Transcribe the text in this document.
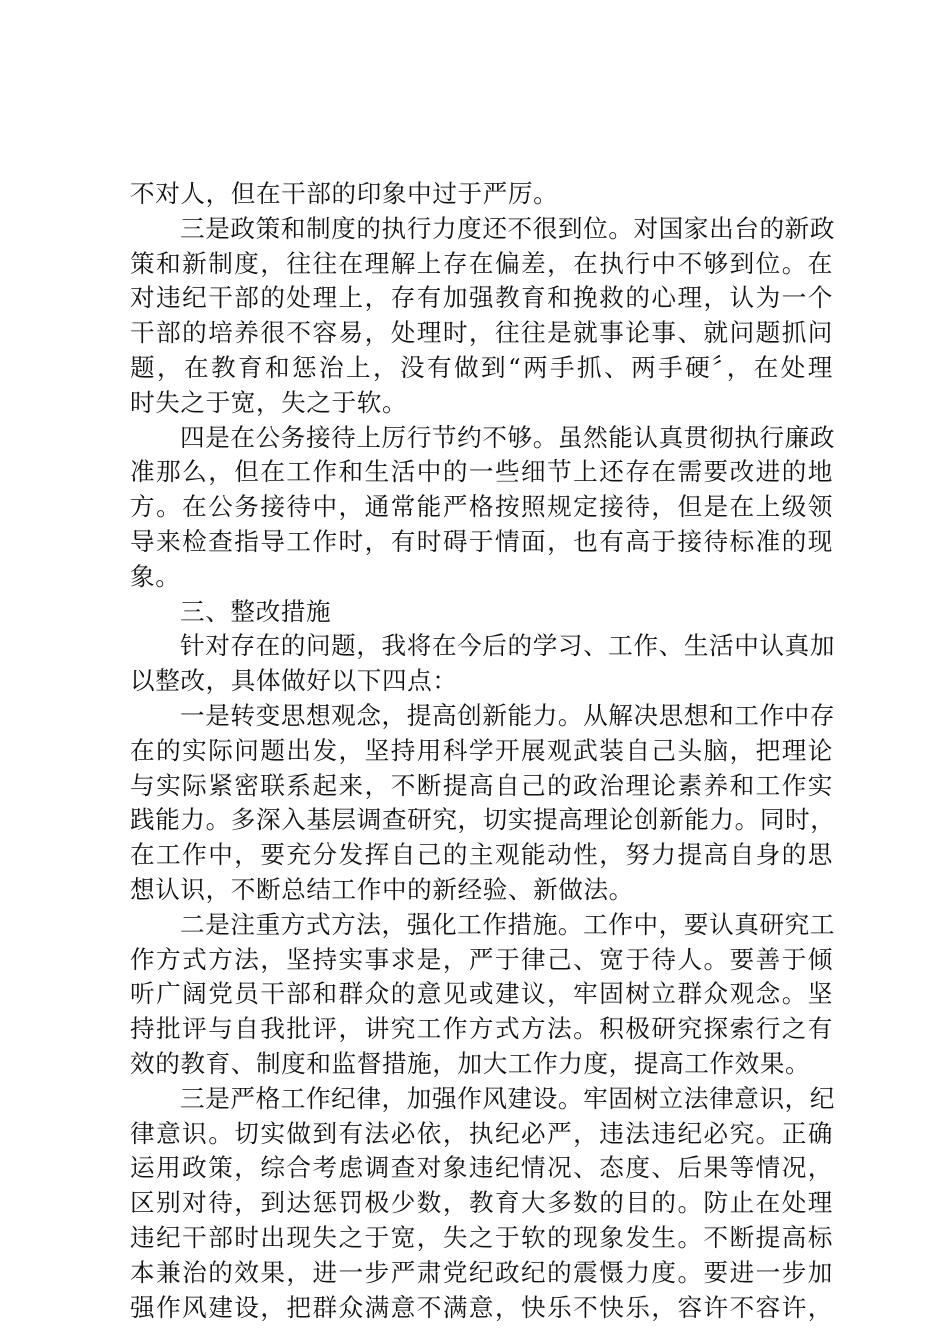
不对人，但在干部的印象中过于严厉。
三是政策和制度的执行力度还不很到位。对国家出台的新政
策和新制度，往往在理解上存在偏差，在执行中不够到位。在
对违纪干部的处理上，存有加强教育和挽救的心理，认为一个
干部的培养很不容易，处理时，往往是就事论事、就问题抓问
题，在教育和惩治上，没有做到“两手抓、两手硬〞，在处理
时失之于宽，失之于软。
四是在公务接待上厉行节约不够。虽然能认真贯彻执行廉政
准那么，但在工作和生活中的一些细节上还存在需要改进的地
方。在公务接待中，通常能严格按照规定接待，但是在上级领
导来检查指导工作时，有时碍于情面，也有高于接待标准的现
象。
三、整改措施
针对存在的问题，我将在今后的学习、工作、生活中认真加
以整改，具体做好以下四点：
一是转变思想观念，提高创新能力。从解决思想和工作中存
在的实际问题出发，坚持用科学开展观武装自己头脑，把理论
与实际紧密联系起来，不断提高自己的政治理论素养和工作实
践能力。多深入基层调查研究，切实提高理论创新能力。同时，
在工作中，要充分发挥自己的主观能动性，努力提高自身的思
想认识，不断总结工作中的新经验、新做法。
二是注重方式方法，强化工作措施。工作中，要认真研究工
作方式方法，坚持实事求是，严于律己、宽于待人。要善于倾
听广阔党员干部和群众的意见或建议，牢固树立群众观念。坚
持批评与自我批评，讲究工作方式方法。积极研究探索行之有
效的教育、制度和监督措施，加大工作力度，提高工作效果。
三是严格工作纪律，加强作风建设。牢固树立法律意识，纪
律意识。切实做到有法必依，执纪必严，违法违纪必究。正确
运用政策，综合考虑调查对象违纪情况、态度、后果等情况，
区别对待，到达惩罚极少数，教育大多数的目的。防止在处理
违纪干部时出现失之于宽，失之于软的现象发生。不断提高标
本兼治的效果，进一步严肃党纪政纪的震慑力度。要进一步加
强作风建设，把群众满意不满意，快乐不快乐，容许不容许，
